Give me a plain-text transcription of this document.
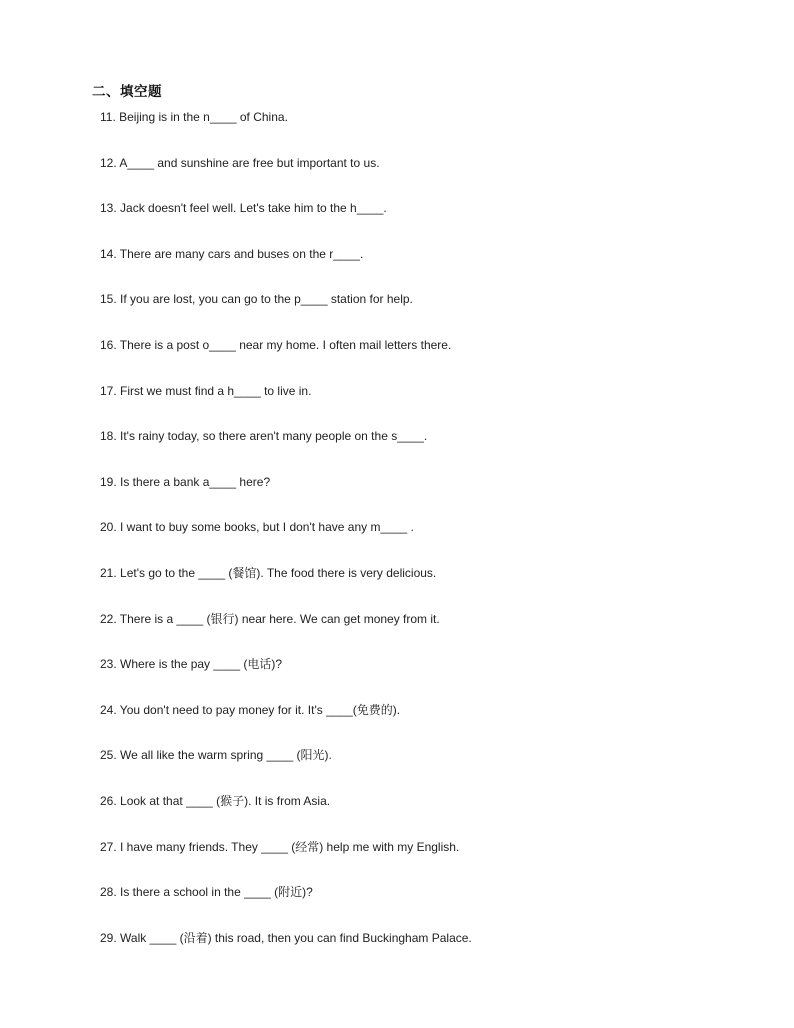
二、填空题
11. Beijing is in the n____ of China.
12. A____ and sunshine are free but important to us.
13. Jack doesn't feel well. Let's take him to the h____.
14. There are many cars and buses on the r____.
15. If you are lost, you can go to the p____ station for help.
16. There is a post o____ near my home. I often mail letters there.
17. First we must find a h____ to live in.
18. It's rainy today, so there aren't many people on the s____.
19. Is there a bank a____ here?
20. I want to buy some books, but I don't have any m____ .
21. Let's go to the ____ (餐馆). The food there is very delicious.
22. There is a ____ (银行) near here. We can get money from it.
23. Where is the pay ____ (电话)?
24. You don't need to pay money for it. It's ____(免费的).
25. We all like the warm spring ____ (阳光).
26. Look at that ____ (猴子). It is from Asia.
27. I have many friends. They ____ (经常) help me with my English.
28. Is there a school in the ____ (附近)?
29. Walk ____ (沿着) this road, then you can find Buckingham Palace.
